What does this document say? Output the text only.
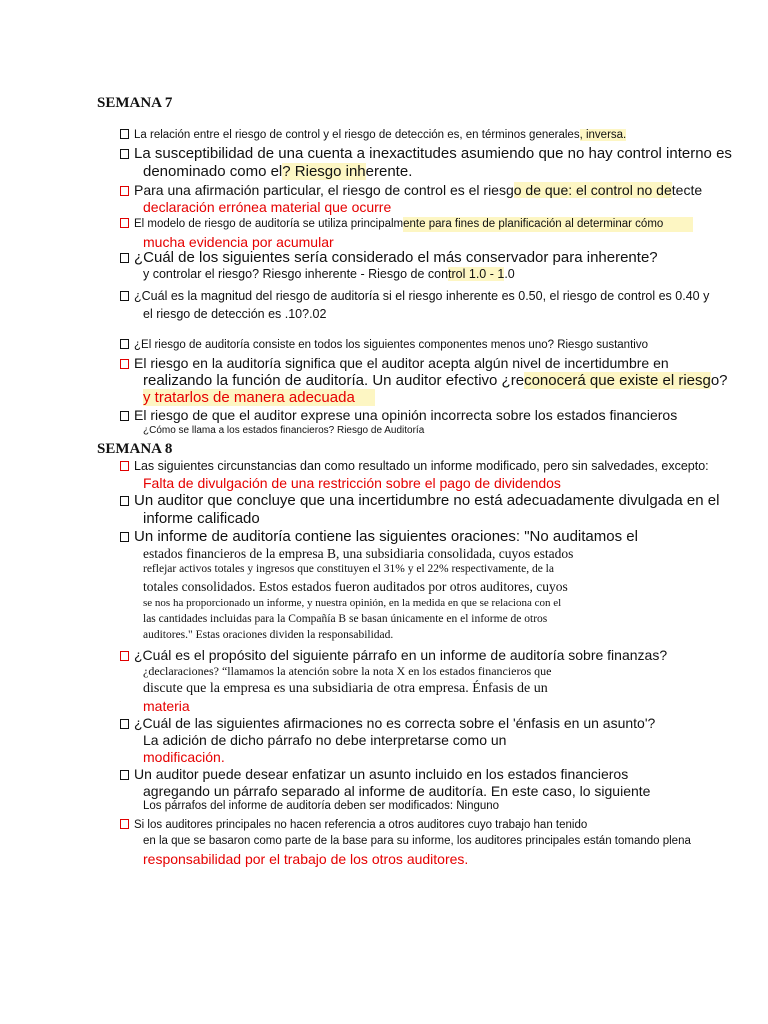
SEMANA 7
La relación entre el riesgo de control y el riesgo de detección es, en términos generales, inversa.
La susceptibilidad de una cuenta a inexactitudes asumiendo que no hay control interno es
denominado como el? Riesgo inherente.
Para una afirmación particular, el riesgo de control es el riesgo de que: el control no detecte
declaración errónea material que ocurre
El modelo de riesgo de auditoría se utiliza principalmente para fines de planificación al determinar cómo
mucha evidencia por acumular
¿Cuál de los siguientes sería considerado el más conservador para inherente?
y controlar el riesgo? Riesgo inherente - Riesgo de control 1.0 - 1.0
¿Cuál es la magnitud del riesgo de auditoría si el riesgo inherente es 0.50, el riesgo de control es 0.40 y
el riesgo de detección es .10?.02
¿El riesgo de auditoría consiste en todos los siguientes componentes menos uno? Riesgo sustantivo
El riesgo en la auditoría significa que el auditor acepta algún nivel de incertidumbre en
realizando la función de auditoría. Un auditor efectivo ¿reconocerá que existe el riesgo?
y tratarlos de manera adecuada
El riesgo de que el auditor exprese una opinión incorrecta sobre los estados financieros
¿Cómo se llama a los estados financieros? Riesgo de Auditoría
SEMANA 8
Las siguientes circunstancias dan como resultado un informe modificado, pero sin salvedades, excepto:
Falta de divulgación de una restricción sobre el pago de dividendos
Un auditor que concluye que una incertidumbre no está adecuadamente divulgada en el
informe calificado
Un informe de auditoría contiene las siguientes oraciones: "No auditamos el
estados financieros de la empresa B, una subsidiaria consolidada, cuyos estados
reflejar activos totales y ingresos que constituyen el 31% y el 22% respectivamente, de la
totales consolidados. Estos estados fueron auditados por otros auditores, cuyos
se nos ha proporcionado un informe, y nuestra opinión, en la medida en que se relaciona con el
las cantidades incluidas para la Compañía B se basan únicamente en el informe de otros
auditores." Estas oraciones dividen la responsabilidad.
¿Cuál es el propósito del siguiente párrafo en un informe de auditoría sobre finanzas?
¿declaraciones? “llamamos la atención sobre la nota X en los estados financieros que
discute que la empresa es una subsidiaria de otra empresa. Énfasis de un
materia
¿Cuál de las siguientes afirmaciones no es correcta sobre el 'énfasis en un asunto'?
La adición de dicho párrafo no debe interpretarse como un
modificación.
Un auditor puede desear enfatizar un asunto incluido en los estados financieros
agregando un párrafo separado al informe de auditoría. En este caso, lo siguiente
Los párrafos del informe de auditoría deben ser modificados: Ninguno
Si los auditores principales no hacen referencia a otros auditores cuyo trabajo han tenido
en la que se basaron como parte de la base para su informe, los auditores principales están tomando plena
responsabilidad por el trabajo de los otros auditores.
